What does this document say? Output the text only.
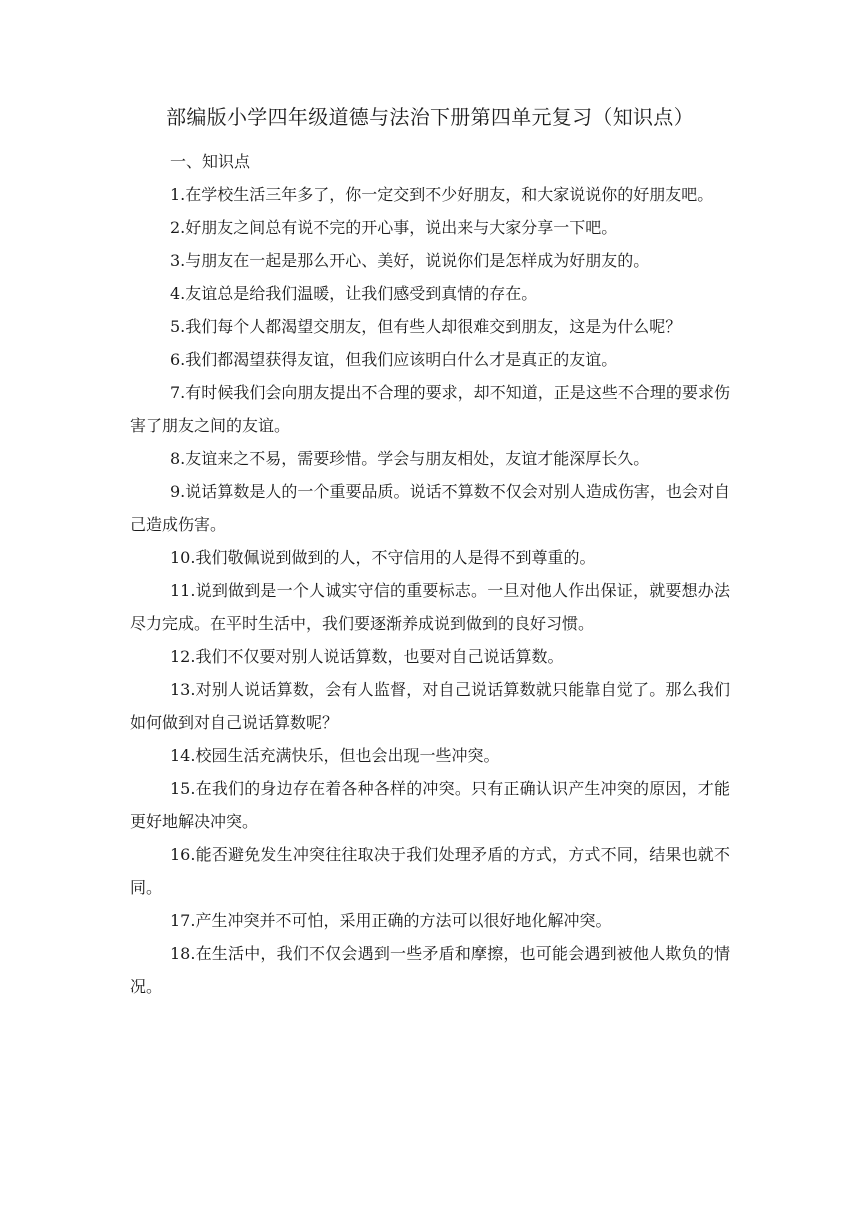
部编版小学四年级道德与法治下册第四单元复习（知识点）

一、知识点

1.在学校生活三年多了，你一定交到不少好朋友，和大家说说你的好朋友吧。
2.好朋友之间总有说不完的开心事，说出来与大家分享一下吧。
3.与朋友在一起是那么开心、美好，说说你们是怎样成为好朋友的。
4.友谊总是给我们温暖，让我们感受到真情的存在。
5.我们每个人都渴望交朋友，但有些人却很难交到朋友，这是为什么呢？
6.我们都渴望获得友谊，但我们应该明白什么才是真正的友谊。
7.有时候我们会向朋友提出不合理的要求，却不知道，正是这些不合理的要求伤害了朋友之间的友谊。
8.友谊来之不易，需要珍惜。学会与朋友相处，友谊才能深厚长久。
9.说话算数是人的一个重要品质。说话不算数不仅会对别人造成伤害，也会对自己造成伤害。
10.我们敬佩说到做到的人，不守信用的人是得不到尊重的。
11.说到做到是一个人诚实守信的重要标志。一旦对他人作出保证，就要想办法尽力完成。在平时生活中，我们要逐渐养成说到做到的良好习惯。
12.我们不仅要对别人说话算数，也要对自己说话算数。
13.对别人说话算数，会有人监督，对自己说话算数就只能靠自觉了。那么我们如何做到对自己说话算数呢？
14.校园生活充满快乐，但也会出现一些冲突。
15.在我们的身边存在着各种各样的冲突。只有正确认识产生冲突的原因，才能更好地解决冲突。
16.能否避免发生冲突往往取决于我们处理矛盾的方式，方式不同，结果也就不同。
17.产生冲突并不可怕，采用正确的方法可以很好地化解冲突。
18.在生活中，我们不仅会遇到一些矛盾和摩擦，也可能会遇到被他人欺负的情况。
